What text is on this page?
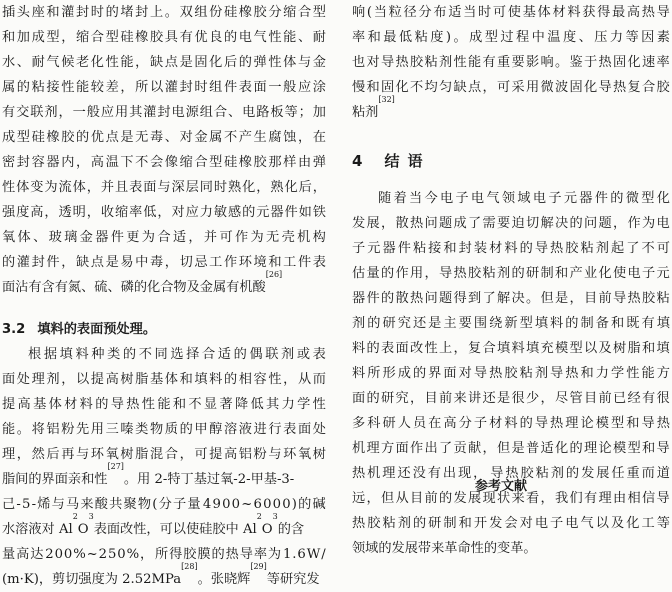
插 头 座 和 灌 封 时 的 堵 封 上 。 双 组 份 硅 橡 胶 分 缩 合 型
和 加 成 型 ， 缩 合 型 硅 橡 胶 具 有 优 良 的 电 气 性 能 、 耐
水 、 耐 气 候 老 化 性 能 ， 缺 点 是 固 化 后 的 弹 性 体 与 金
属 的 粘 接 性 能 较 差 ， 所 以 灌 封 时 组 件 表 面 一 般 应 涂
有 交 联 剂 ， 一 般 应 用 其 灌 封 电 源 组 合 、 电 路 板 等 ； 加
成 型 硅 橡 胶 的 优 点 是 无 毒 、 对 金 属 不 产 生 腐 蚀 ， 在
密 封 容 器 内 ， 高 温 下 不 会 像 缩 合 型 硅 橡 胶 那 样 由 弹
性 体 变 为 流 体 ， 并 且 表 面 与 深 层 同 时 熟 化 ， 熟 化 后 ，
强 度 高 ， 透 明 ， 收 缩 率 低 ， 对 应 力 敏 感 的 元 器 件 如 铁
氧 体 、 玻 璃 金 器 件 更 为 合 适 ， 并 可 作 为 无 壳 机 构
的 灌 封 件 ， 缺 点 是 易 中 毒 ， 切 忌 工 作 环 境 和 工 件 表
面沾有含有氮、硫、磷的化合物及金属有机酸
[26]
3.2 填料的表面预处理。
根 据 填 料 种 类 的 不 同 选 择 合 适 的 偶 联 剂 或 表
面 处 理 剂 ， 以 提 高 树 脂 基 体 和 填 料 的 相 容 性 ， 从 而
提 高 基 体 材 料 的 导 热 性 能 和 不 显 著 降 低 其 力 学 性
能 。 将 铝 粉 先 用 三 嗪 类 物 质 的 甲 醇 溶 液 进 行 表 面 处
理 ， 然 后 再 与 环 氧 树 脂 混 合 ， 可 提 高 铝 粉 与 环 氧 树
脂间的界面亲和性
[27]
。用 2-特丁基过氧-2-甲基-3-
己 - 5 - 烯 与 马 来 酸 共 聚 物 ( 分 子 量 4 9 0 0 ~ 6 0 0 0 ) 的 碱
水溶液对 Al
2
O
3
表面改性，可以使硅胶中 Al
2
O
3
的含
量 高 达 2 0 0 % ~ 2 5 0 % ， 所 得 胶 膜 的 热 导 率 为 1 . 6 W /
(m·K)，剪切强度为 2.52MPa
[28]
。张晓辉
[29]
等研究发
响 ( 当 粒 径 分 布 适 当 时 可 使 基 体 材 料 获 得 最 高 热 导
率 和 最 低 粘 度 ) 。 成 型 过 程 中 温 度 、 压 力 等 因 素
也 对 导 热 胶 粘 剂 性 能 有 重 要 影 响 。 鉴 于 热 固 化 速 率
慢 和 固 化 不 均 匀 缺 点 ， 可 采 用 微 波 固 化 导 热 复 合 胶
粘剂
[32]
4 结语
随 着 当 今 电 子 电 气 领 域 电 子 元 器 件 的 微 型 化
发 展 ， 散 热 问 题 成 了 需 要 迫 切 解 决 的 问 题 ， 作 为 电
子 元 器 件 粘 接 和 封 装 材 料 的 导 热 胶 粘 剂 起 了 不 可
估 量 的 作 用 ， 导 热 胶 粘 剂 的 研 制 和 产 业 化 使 电 子 元
器 件 的 散 热 问 题 得 到 了 解 决 。 但 是 ， 目 前 导 热 胶 粘
剂 的 研 究 还 是 主 要 围 绕 新 型 填 料 的 制 备 和 既 有 填
料 的 表 面 改 性 上 ， 复 合 填 料 填 充 模 型 以 及 树 脂 和 填
料 所 形 成 的 界 面 对 导 热 胶 粘 剂 导 热 和 力 学 性 能 方
面 的 研 究 ， 目 前 来 讲 还 是 很 少 ， 尽 管 目 前 已 经 有 很
多 科 研 人 员 在 高 分 子 材 料 的 导 热 理 论 模 型 和 导 热
机 理 方 面 作 出 了 贡 献 ， 但 是 普 适 化 的 理 论 模 型 和 导
热 机 理 还 没 有 出 现 ， 导 热 胶 粘 剂 的 发 展 任 重 而 道
远 ， 但 从 目 前 的 发 展 现 状 来 看 ， 我 们 有 理 由 相 信 导
热 胶 粘 剂 的 研 制 和 开 发 会 对 电 子 电 气 以 及 化 工 等
领域的发展带来革命性的变革。
参考文献
